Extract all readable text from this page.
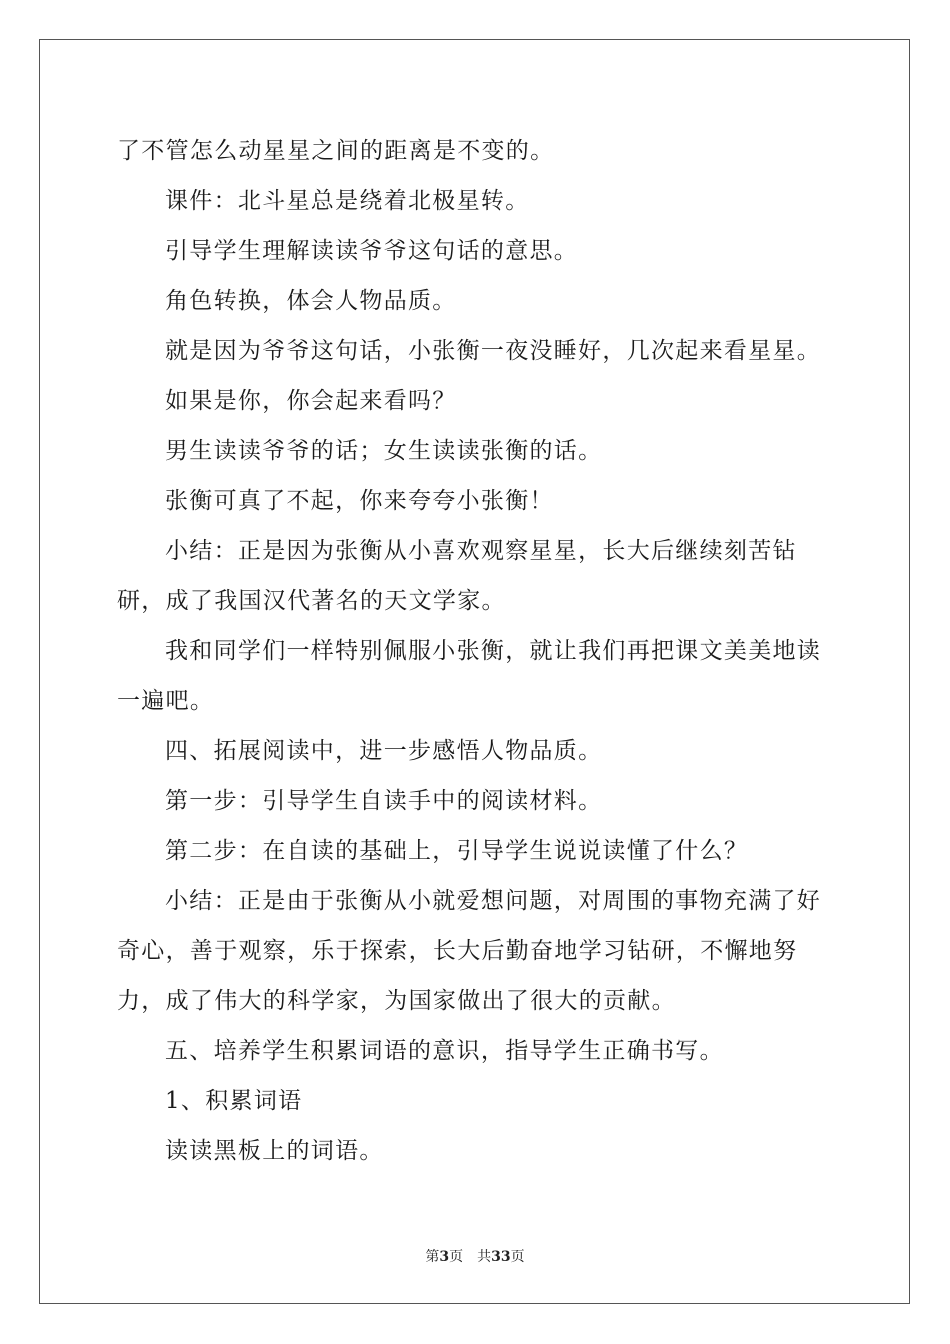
了不管怎么动星星之间的距离是不变的。

课件：北斗星总是绕着北极星转。

引导学生理解读读爷爷这句话的意思。

角色转换，体会人物品质。

就是因为爷爷这句话，小张衡一夜没睡好，几次起来看星星。

如果是你，你会起来看吗？

男生读读爷爷的话；女生读读张衡的话。

张衡可真了不起，你来夸夸小张衡！

小结：正是因为张衡从小喜欢观察星星，长大后继续刻苦钻研，成了我国汉代著名的天文学家。

我和同学们一样特别佩服小张衡，就让我们再把课文美美地读一遍吧。

四、拓展阅读中，进一步感悟人物品质。

第一步：引导学生自读手中的阅读材料。

第二步：在自读的基础上，引导学生说说读懂了什么？

小结：正是由于张衡从小就爱想问题，对周围的事物充满了好奇心，善于观察，乐于探索，长大后勤奋地学习钻研，不懈地努力，成了伟大的科学家，为国家做出了很大的贡献。

五、培养学生积累词语的意识，指导学生正确书写。

1、积累词语

读读黑板上的词语。

第3页　共33页
